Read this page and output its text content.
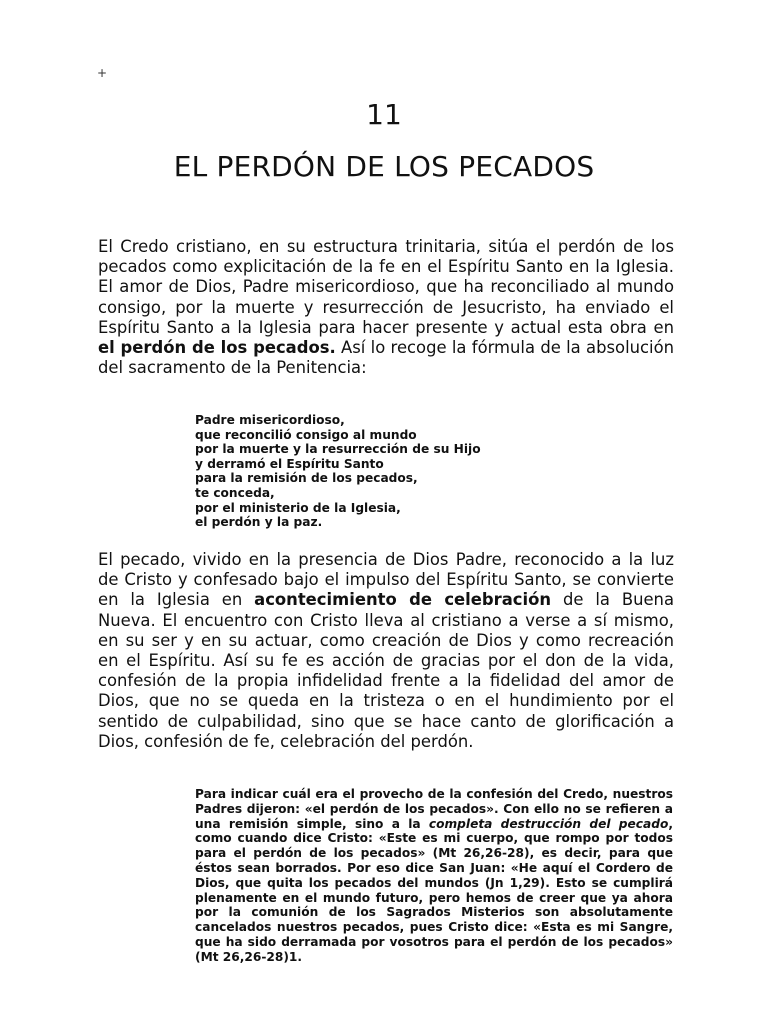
+
11
EL PERDÓN DE LOS PECADOS

El Credo cristiano, en su estructura trinitaria, sitúa el perdón de los pecados como explicitación de la fe en el Espíritu Santo en la Iglesia. El amor de Dios, Padre misericordioso, que ha reconciliado al mundo consigo, por la muerte y resurrección de Jesucristo, ha enviado el Espíritu Santo a la Iglesia para hacer presente y actual esta obra en el perdón de los pecados. Así lo recoge la fórmula de la absolución del sacramento de la Penitencia:

Padre misericordioso,
que reconcilió consigo al mundo
por la muerte y la resurrección de su Hijo
y derramó el Espíritu Santo
para la remisión de los pecados,
te conceda,
por el ministerio de la Iglesia,
el perdón y la paz.

El pecado, vivido en la presencia de Dios Padre, reconocido a la luz de Cristo y confesado bajo el impulso del Espíritu Santo, se convierte en la Iglesia en acontecimiento de celebración de la Buena Nueva. El encuentro con Cristo lleva al cristiano a verse a sí mismo, en su ser y en su actuar, como creación de Dios y como recreación en el Espíritu. Así su fe es acción de gracias por el don de la vida, confesión de la propia infidelidad frente a la fidelidad del amor de Dios, que no se queda en la tristeza o en el hundimiento por el sentido de culpabilidad, sino que se hace canto de glorificación a Dios, confesión de fe, celebración del perdón.

Para indicar cuál era el provecho de la confesión del Credo, nuestros Padres dijeron: «el perdón de los pecados». Con ello no se refieren a una remisión simple, sino a la completa destrucción del pecado, como cuando dice Cristo: «Este es mi cuerpo, que rompo por todos para el perdón de los pecados» (Mt 26,26-28), es decir, para que éstos sean borrados. Por eso dice San Juan: «He aquí el Cordero de Dios, que quita los pecados del mundos (Jn 1,29). Esto se cumplirá plenamente en el mundo futuro, pero hemos de creer que ya ahora por la comunión de los Sagrados Misterios son absolutamente cancelados nuestros pecados, pues Cristo dice: «Esta es mi Sangre, que ha sido derramada por vosotros para el perdón de los pecados» (Mt 26,26-28)1.
